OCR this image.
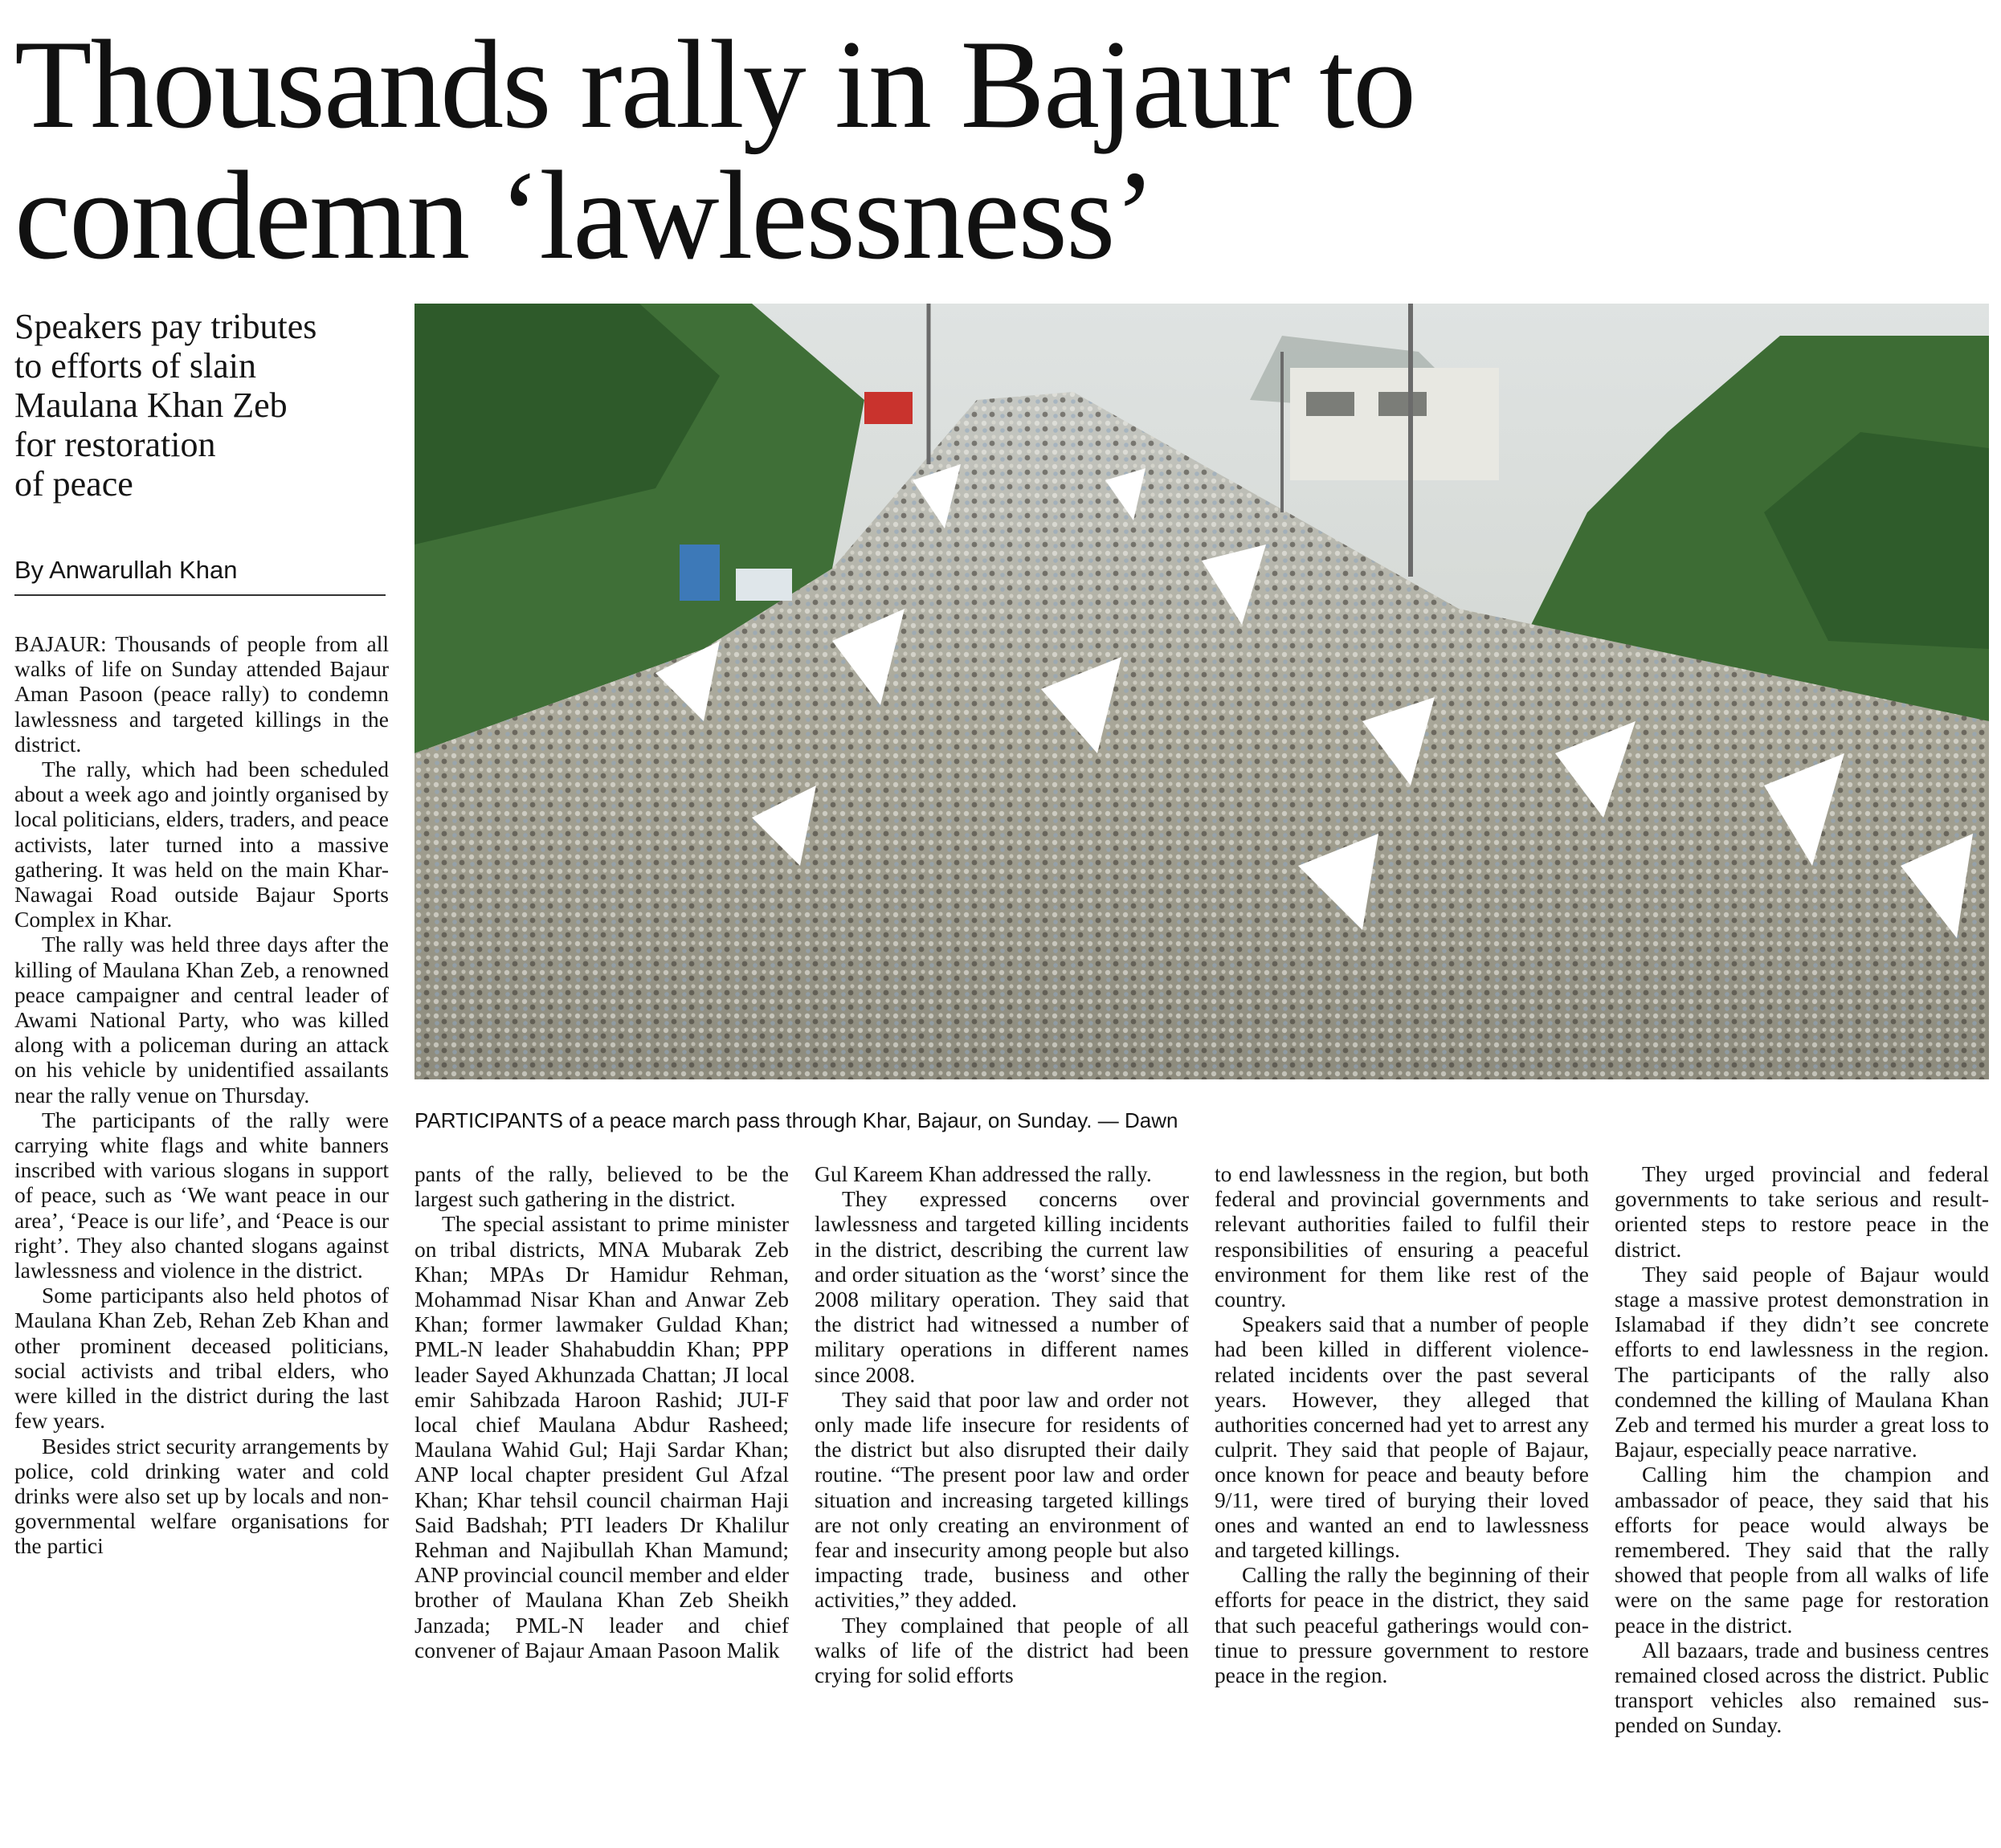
Thousands rally in Bajaur to
condemn ‘lawlessness’
Speakers pay tributes
to efforts of slain
Maulana Khan Zeb
for restoration
of peace
By Anwarullah Khan
PARTICIPANTS of a peace march pass through Khar, Bajaur, on Sunday. — Dawn

BAJAUR: Thousands of people from all walks of life on Sunday attended Bajaur Aman Pasoon (peace rally) to condemn lawlessness and targeted killings in the district.

The rally, which had been scheduled about a week ago and jointly organised by local politicians, elders, traders, and peace activists, later turned into a massive gathering. It was held on the main Khar-Nawagai Road outside Bajaur Sports Complex in Khar.

The rally was held three days after the killing of Maulana Khan Zeb, a renowned peace campaigner and central leader of Awami National Party, who was killed along with a policeman during an attack on his vehicle by unidentified assailants near the rally venue on Thursday.

The participants of the rally were carrying white flags and white banners inscribed with various slogans in support of peace, such as ‘We want peace in our area’, ‘Peace is our life’, and ‘Peace is our right’. They also chanted slogans against lawlessness and violence in the district.

Some participants also held photos of Maulana Khan Zeb, Rehan Zeb Khan and other prominent deceased politicians, social activists and tribal elders, who were killed in the district during the last few years.

Besides strict security arrangements by police, cold drinking water and cold drinks were also set up by locals and non-governmental welfare organisations for the partici

pants of the rally, believed to be the largest such gathering in the district.

The special assistant to prime minister on tribal districts, MNA Mubarak Zeb Khan; MPAs Dr Hamidur Rehman, Mohammad Nisar Khan and Anwar Zeb Khan; former lawmaker Guldad Khan; PML-N leader Shahabuddin Khan; PPP leader Sayed Akhunzada Chattan; JI local emir Sahibzada Haroon Rashid; JUI-F local chief Maulana Abdur Rasheed; Maulana Wahid Gul; Haji Sardar Khan; ANP local chapter president Gul Afzal Khan; Khar tehsil council chairman Haji Said Badshah; PTI leaders Dr Khalilur Rehman and Najibullah Khan Mamund; ANP provincial council member and elder brother of Maulana Khan Zeb Sheikh Janzada; PML-N leader and chief convener of Bajaur Amaan Pasoon Malik

Gul Kareem Khan addressed the rally.

They expressed concerns over lawlessness and targeted killing incidents in the district, describing the current law and order situation as the ‘worst’ since the 2008 military operation. They said that the district had witnessed a number of military operations in different names since 2008.

They said that poor law and order not only made life insecure for residents of the district but also disrupted their daily routine. “The present poor law and order situation and increasing targeted killings are not only creating an environment of fear and insecurity among people but also impacting trade, business and other activities,” they added.

They complained that people of all walks of life of the district had been crying for solid efforts

to end lawlessness in the region, but both federal and provincial governments and relevant authorities failed to fulfil their responsibilities of ensuring a peaceful environment for them like rest of the country.

Speakers said that a number of people had been killed in different violence-related incidents over the past several years. However, they alleged that authorities concerned had yet to arrest any culprit. They said that people of Bajaur, once known for peace and beauty before 9/11, were tired of burying their loved ones and wanted an end to lawlessness and targeted killings.

Calling the rally the beginning of their efforts for peace in the district, they said that such peaceful gatherings would continue to pressure government to restore peace in the region.

They urged provincial and federal governments to take serious and result-oriented steps to restore peace in the district.

They said people of Bajaur would stage a massive protest demonstration in Islamabad if they didn’t see concrete efforts to end lawlessness in the region. The participants of the rally also condemned the killing of Maulana Khan Zeb and termed his murder a great loss to Bajaur, especially peace narrative.

Calling him the champion and ambassador of peace, they said that his efforts for peace would always be remembered. They said that the rally showed that people from all walks of life were on the same page for restoration peace in the district.

All bazaars, trade and business centres remained closed across the district. Public transport vehicles also remained suspended on Sunday.
